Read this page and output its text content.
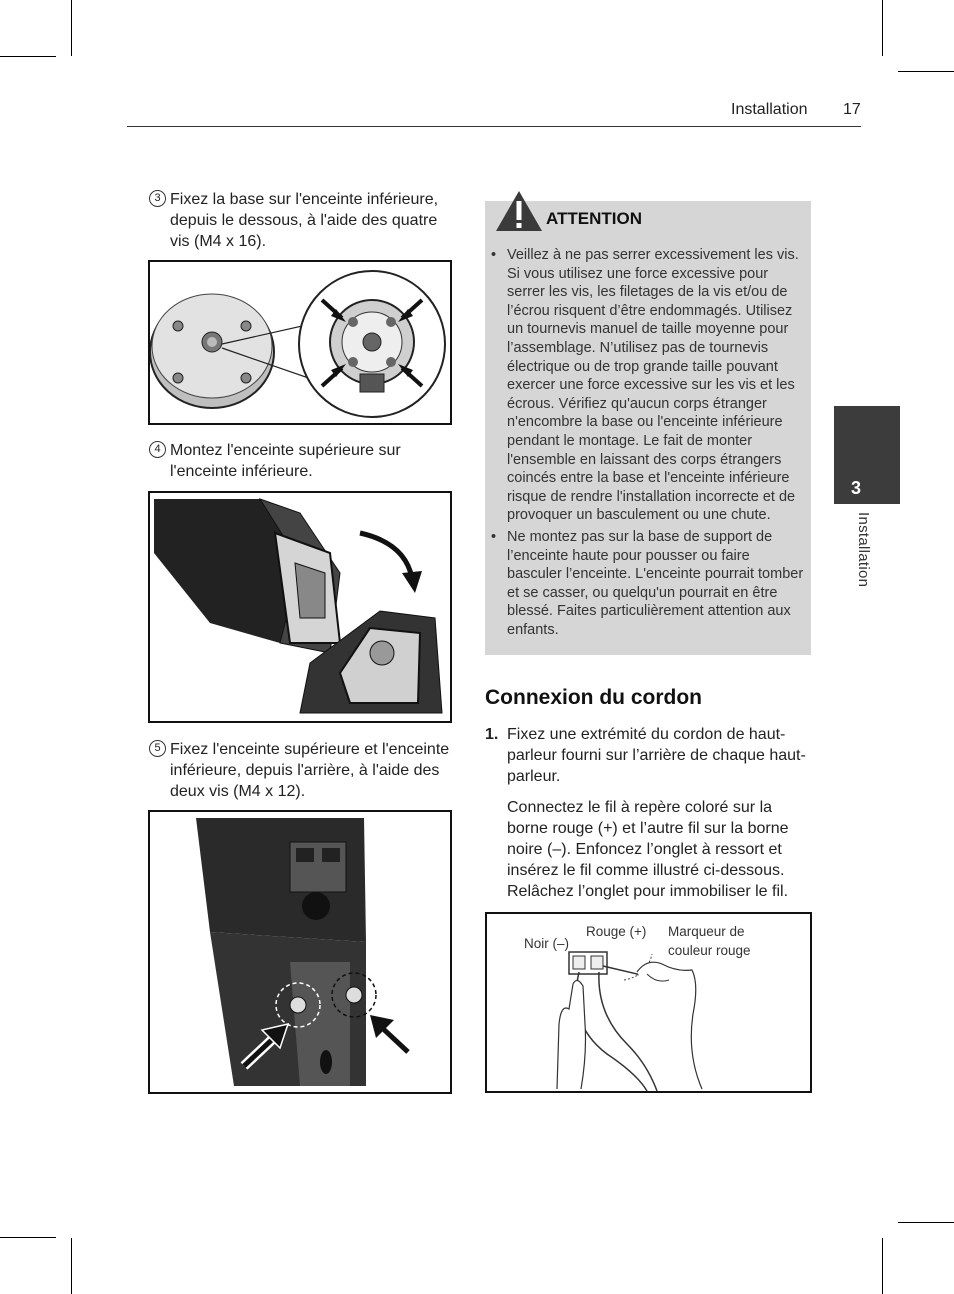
Installation 17
3
Installation
3 Fixez la base sur l'enceinte inférieure, depuis le dessous, à l'aide des quatre vis (M4 x 16).
4 Montez l'enceinte supérieure sur l'enceinte inférieure.
5 Fixez l'enceinte supérieure et l'enceinte inférieure, depuis l'arrière, à l'aide des deux vis (M4 x 12).
ATTENTION
• Veillez à ne pas serrer excessivement les vis. Si vous utilisez une force excessive pour serrer les vis, les filetages de la vis et/ou de l’écrou risquent d’être endommagés. Utilisez un tournevis manuel de taille moyenne pour l’assemblage. N’utilisez pas de tournevis électrique ou de trop grande taille pouvant exercer une force excessive sur les vis et les écrous. Vérifiez qu'aucun corps étranger n'encombre la base ou l'enceinte inférieure pendant le montage. Le fait de monter l'ensemble en laissant des corps étrangers coincés entre la base et l'enceinte inférieure risque de rendre l'installation incorrecte et de provoquer un basculement ou une chute.
• Ne montez pas sur la base de support de l’enceinte haute pour pousser ou faire basculer l’enceinte. L'enceinte pourrait tomber et se casser, ou quelqu'un pourrait en être blessé. Faites particulièrement attention aux enfants.
Connexion du cordon
1. Fixez une extrémité du cordon de haut-parleur fourni sur l’arrière de chaque haut-parleur.

Connectez le fil à repère coloré sur la borne rouge (+) et l’autre fil sur la borne noire (–). Enfoncez l’onglet à ressort et insérez le fil comme illustré ci-dessous. Relâchez l’onglet pour immobiliser le fil.

Noir (–)
Rouge (+) Marqueur de
couleur rouge
